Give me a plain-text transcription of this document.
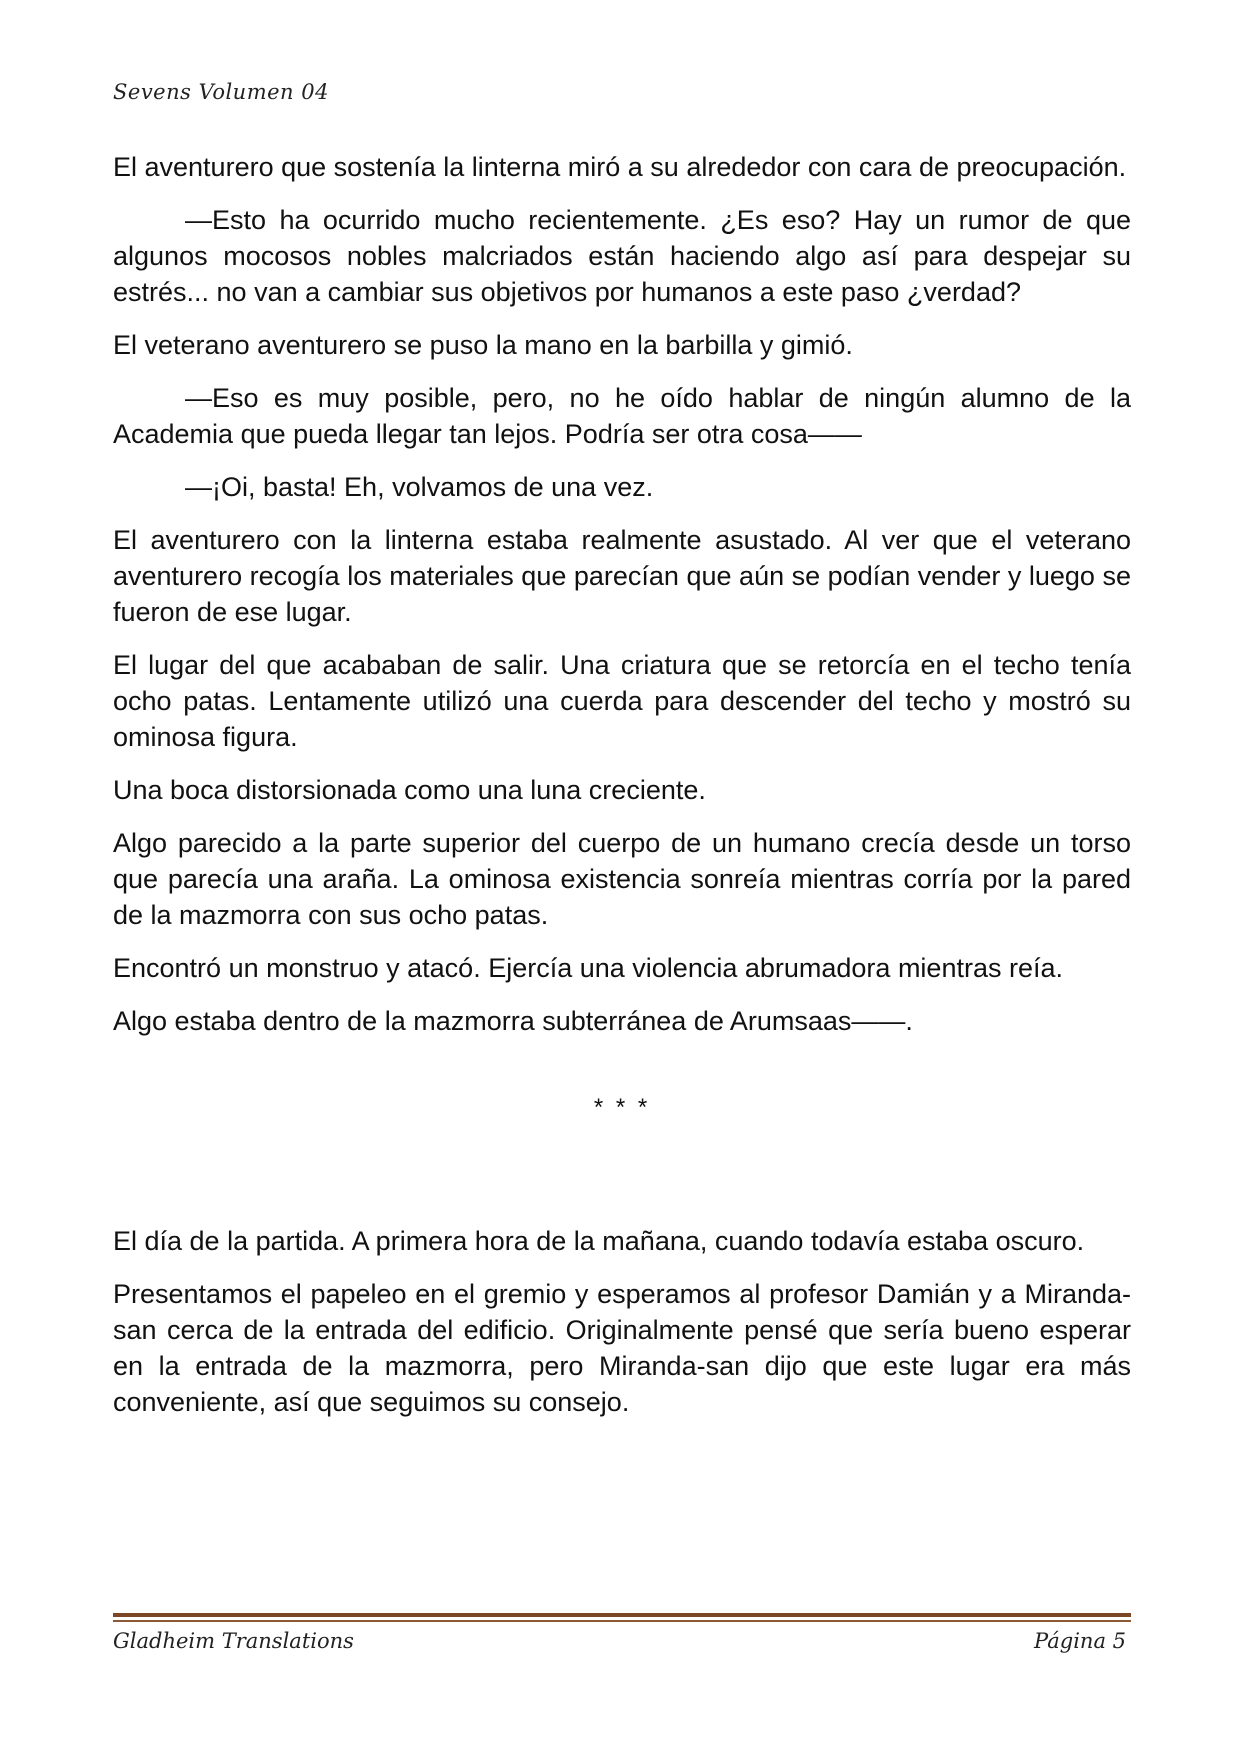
Sevens Volumen 04

El aventurero que sostenía la linterna miró a su alrededor con cara de preocupación.

—Esto ha ocurrido mucho recientemente. ¿Es eso? Hay un rumor de que algunos mocosos nobles malcriados están haciendo algo así para despejar su estrés... no van a cambiar sus objetivos por humanos a este paso ¿verdad?

El veterano aventurero se puso la mano en la barbilla y gimió.

—Eso es muy posible, pero, no he oído hablar de ningún alumno de la Academia que pueda llegar tan lejos. Podría ser otra cosa——

—¡Oi, basta! Eh, volvamos de una vez.

El aventurero con la linterna estaba realmente asustado. Al ver que el veterano aventurero recogía los materiales que parecían que aún se podían vender y luego se fueron de ese lugar.

El lugar del que acababan de salir. Una criatura que se retorcía en el techo tenía ocho patas. Lentamente utilizó una cuerda para descender del techo y mostró su ominosa figura.

Una boca distorsionada como una luna creciente.

Algo parecido a la parte superior del cuerpo de un humano crecía desde un torso que parecía una araña. La ominosa existencia sonreía mientras corría por la pared de la mazmorra con sus ocho patas.

Encontró un monstruo y atacó. Ejercía una violencia abrumadora mientras reía.

Algo estaba dentro de la mazmorra subterránea de Arumsaas——.

* * *

El día de la partida. A primera hora de la mañana, cuando todavía estaba oscuro.

Presentamos el papeleo en el gremio y esperamos al profesor Damián y a Miranda-san cerca de la entrada del edificio. Originalmente pensé que sería bueno esperar en la entrada de la mazmorra, pero Miranda-san dijo que este lugar era más conveniente, así que seguimos su consejo.

Gladheim Translations	Página 5
